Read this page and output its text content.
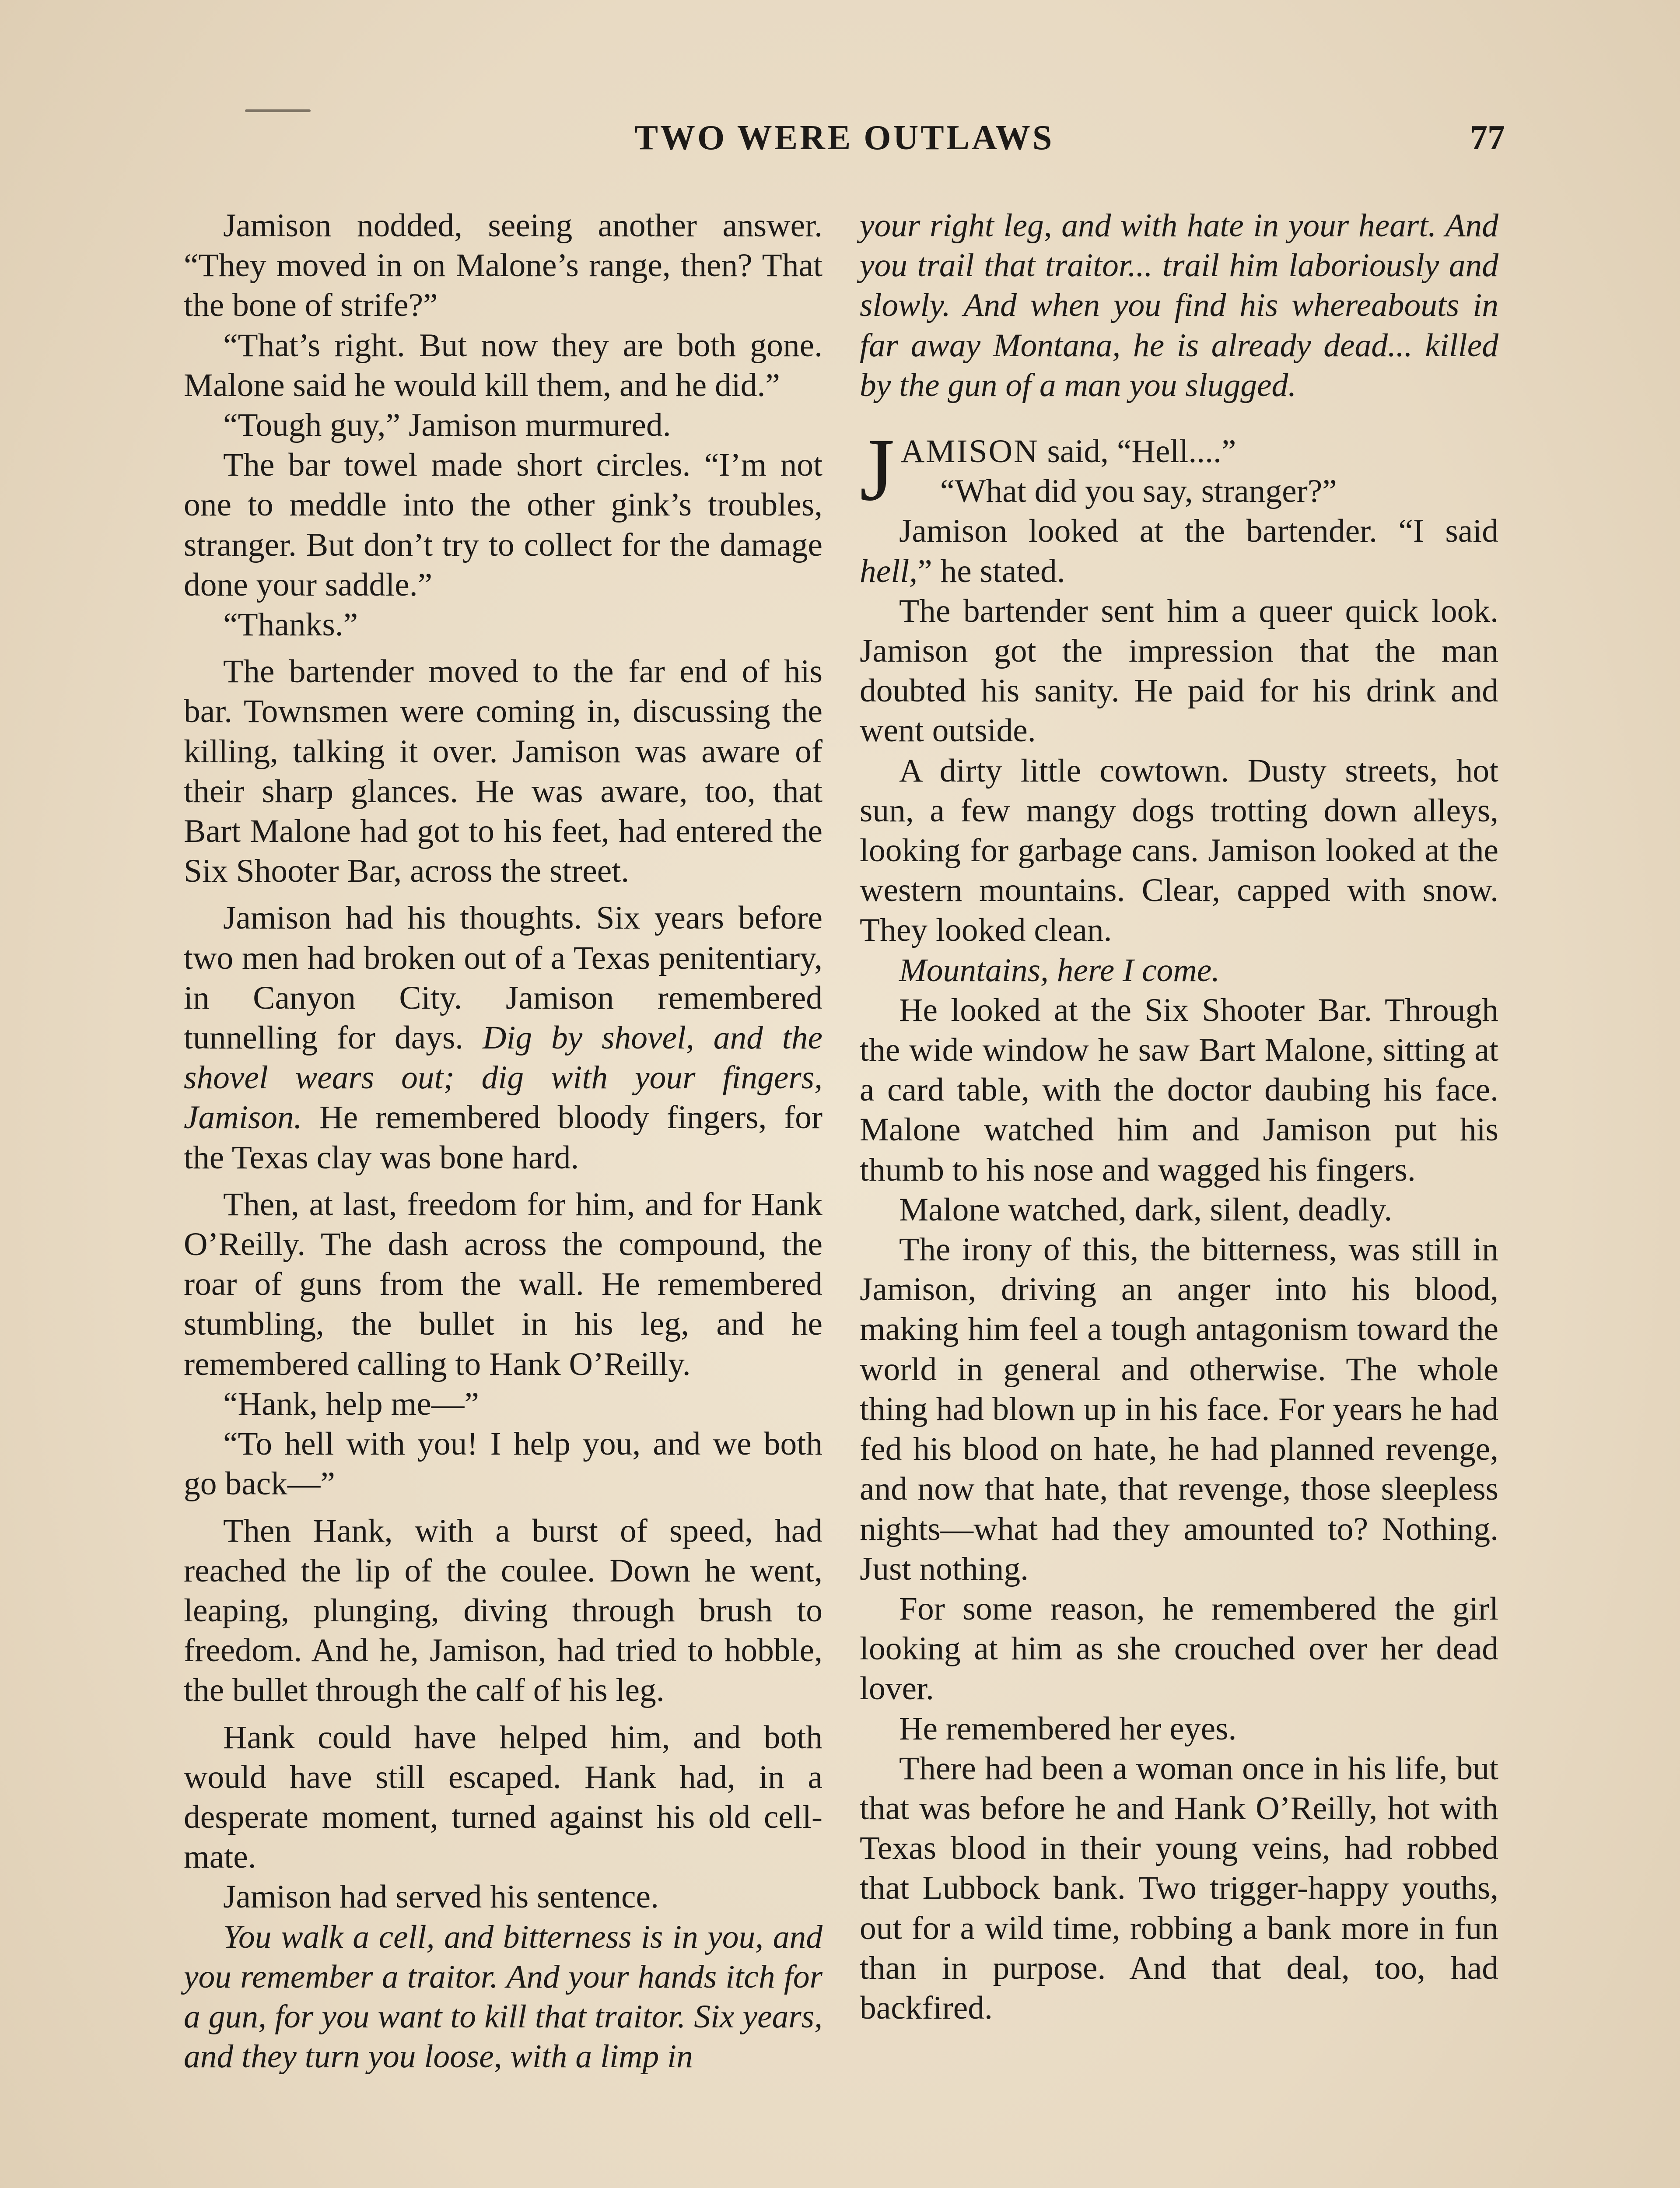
TWO WERE OUTLAWS	77

Jamison nodded, seeing another answer. “They moved in on Malone’s range, then? That the bone of strife?”

“That’s right. But now they are both gone. Malone said he would kill them, and he did.”

“Tough guy,” Jamison murmured.

The bar towel made short circles. “I’m not one to meddle into the other gink’s troubles, stranger. But don’t try to collect for the damage done your saddle.”

“Thanks.”

The bartender moved to the far end of his bar. Townsmen were coming in, discussing the killing, talking it over. Jamison was aware of their sharp glances. He was aware, too, that Bart Malone had got to his feet, had entered the Six Shooter Bar, across the street.

Jamison had his thoughts. Six years before two men had broken out of a Texas penitentiary, in Canyon City. Jamison remembered tunnelling for days. Dig by shovel, and the shovel wears out; dig with your fingers, Jamison. He remembered bloody fingers, for the Texas clay was bone hard.

Then, at last, freedom for him, and for Hank O’Reilly. The dash across the compound, the roar of guns from the wall. He remembered stumbling, the bullet in his leg, and he remembered calling to Hank O’Reilly.

“Hank, help me—”

“To hell with you! I help you, and we both go back—”

Then Hank, with a burst of speed, had reached the lip of the coulee. Down he went, leaping, plunging, diving through brush to freedom. And he, Jamison, had tried to hobble, the bullet through the calf of his leg.

Hank could have helped him, and both would have still escaped. Hank had, in a desperate moment, turned against his old cell-mate.

Jamison had served his sentence.

You walk a cell, and bitterness is in you, and you remember a traitor. And your hands itch for a gun, for you want to kill that traitor. Six years, and they turn you loose, with a limp in

your right leg, and with hate in your heart. And you trail that traitor... trail him laboriously and slowly. And when you find his whereabouts in far away Montana, he is already dead... killed by the gun of a man you slugged.

JAMISON said, “Hell....”

“What did you say, stranger?”

Jamison looked at the bartender. “I said hell,” he stated.

The bartender sent him a queer quick look. Jamison got the impression that the man doubted his sanity. He paid for his drink and went outside.

A dirty little cowtown. Dusty streets, hot sun, a few mangy dogs trotting down alleys, looking for garbage cans. Jamison looked at the western mountains. Clear, capped with snow. They looked clean.

Mountains, here I come.

He looked at the Six Shooter Bar. Through the wide window he saw Bart Malone, sitting at a card table, with the doctor daubing his face. Malone watched him and Jamison put his thumb to his nose and wagged his fingers.

Malone watched, dark, silent, deadly.

The irony of this, the bitterness, was still in Jamison, driving an anger into his blood, making him feel a tough antagonism toward the world in general and otherwise. The whole thing had blown up in his face. For years he had fed his blood on hate, he had planned revenge, and now that hate, that revenge, those sleepless nights—what had they amounted to? Nothing. Just nothing.

For some reason, he remembered the girl looking at him as she crouched over her dead lover.

He remembered her eyes.

There had been a woman once in his life, but that was before he and Hank O’Reilly, hot with Texas blood in their young veins, had robbed that Lubbock bank. Two trigger-happy youths, out for a wild time, robbing a bank more in fun than in purpose. And that deal, too, had backfired.
